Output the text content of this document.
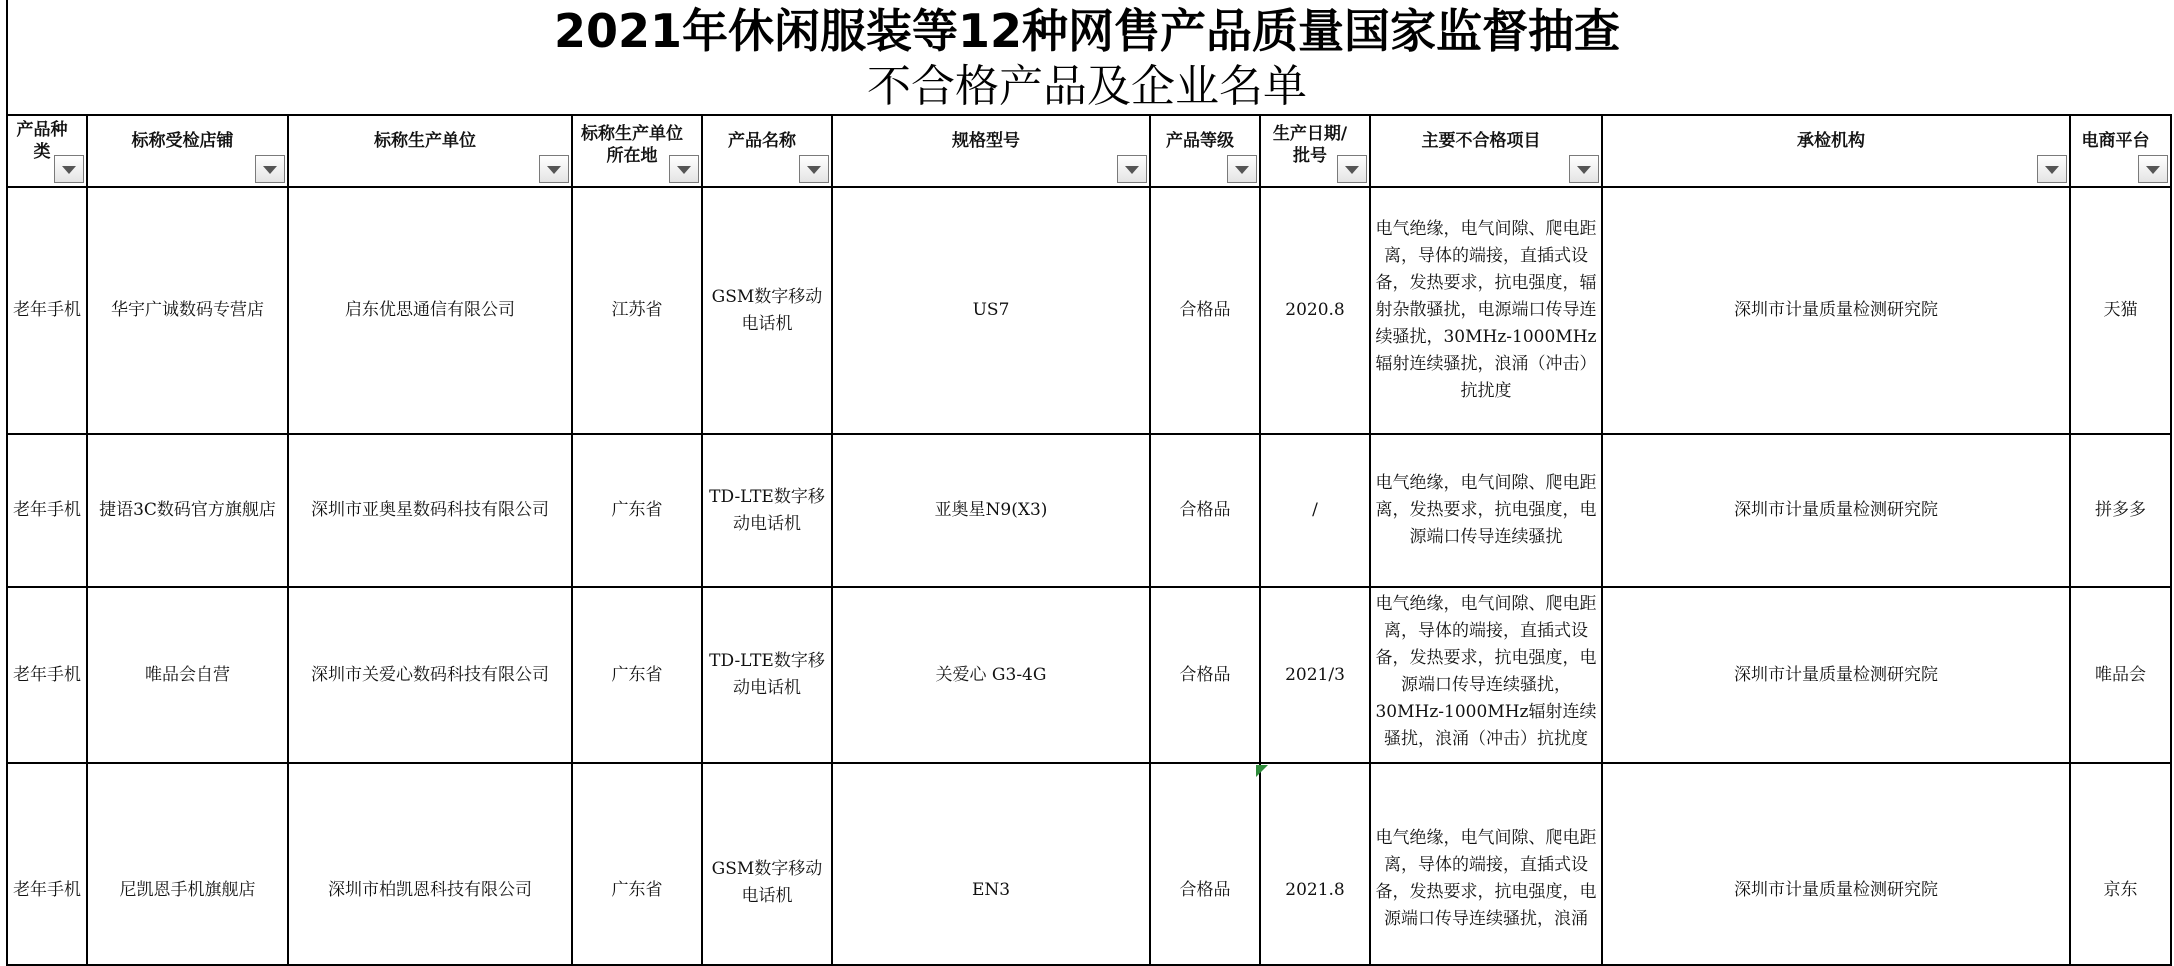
2021年休闲服装等12种网售产品质量国家监督抽查
不合格产品及企业名单
产品种类	标称受检店铺	标称生产单位	标称生产单位所在地	产品名称	规格型号	产品等级	生产日期/批号	主要不合格项目	承检机构	电商平台

老年手机	华宇广诚数码专营店	启东优思通信有限公司	江苏省	GSM数字移动电话机	US7	合格品	2020.8	电气绝缘，电气间隙、爬电距离，导体的端接，直插式设备，发热要求，抗电强度，辐射杂散骚扰，电源端口传导连续骚扰，30MHz-1000MHz辐射连续骚扰，浪涌（冲击）抗扰度	深圳市计量质量检测研究院	天猫
老年手机	捷语3C数码官方旗舰店	深圳市亚奥星数码科技有限公司	广东省	TD-LTE数字移动电话机	亚奥星N9(X3)	合格品	/	电气绝缘，电气间隙、爬电距离，发热要求，抗电强度，电源端口传导连续骚扰	深圳市计量质量检测研究院	拼多多
老年手机	唯品会自营	深圳市关爱心数码科技有限公司	广东省	TD-LTE数字移动电话机	关爱心 G3-4G	合格品	2021/3	电气绝缘，电气间隙、爬电距离，导体的端接，直插式设备，发热要求，抗电强度，电源端口传导连续骚扰，30MHz-1000MHz辐射连续骚扰，浪涌（冲击）抗扰度	深圳市计量质量检测研究院	唯品会

老年手机	尼凯恩手机旗舰店	深圳市柏凯恩科技有限公司	广东省	GSM数字移动电话机	EN3	合格品	2021.8	电气绝缘，电气间隙、爬电距离，导体的端接，直插式设备，发热要求，抗电强度，电源端口传导连续骚扰，浪涌	深圳市计量质量检测研究院	京东
